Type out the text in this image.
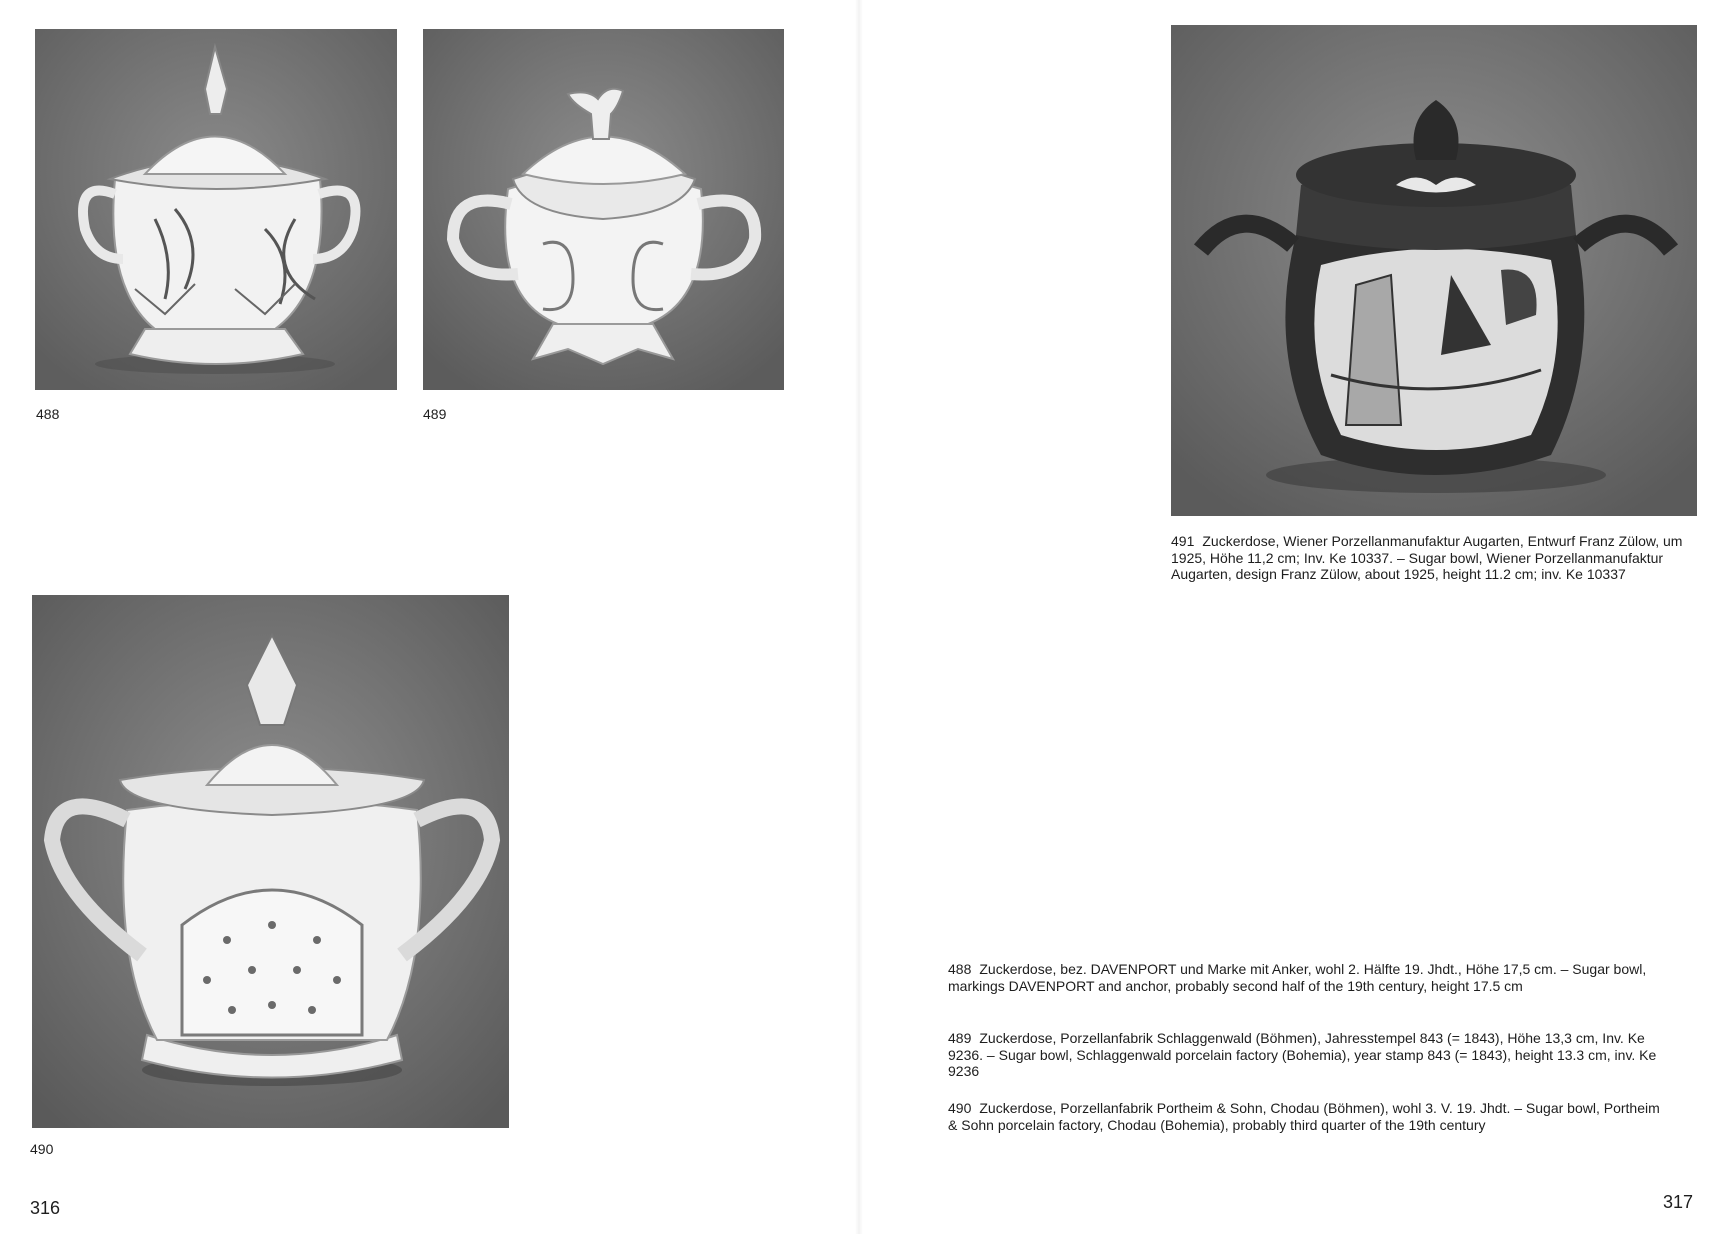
488	489
490
316
491 Zuckerdose, Wiener Porzellanmanufaktur Augarten, Entwurf Franz Zülow, um 1925, Höhe 11,2 cm; Inv. Ke 10337. – Sugar bowl, Wiener Porzellanmanufaktur Augarten, design Franz Zülow, about 1925, height 11.2 cm; inv. Ke 10337
488 Zuckerdose, bez. DAVENPORT und Marke mit Anker, wohl 2. Hälfte 19. Jhdt., Höhe 17,5 cm. – Sugar bowl, markings DAVENPORT and anchor, probably second half of the 19th century, height 17.5 cm
489 Zuckerdose, Porzellanfabrik Schlaggenwald (Böhmen), Jahresstempel 843 (= 1843), Höhe 13,3 cm, Inv. Ke 9236. – Sugar bowl, Schlaggenwald porcelain factory (Bohemia), year stamp 843 (= 1843), height 13.3 cm, inv. Ke 9236
490 Zuckerdose, Porzellanfabrik Portheim & Sohn, Chodau (Böhmen), wohl 3. V. 19. Jhdt. – Sugar bowl, Portheim & Sohn porcelain factory, Chodau (Bohemia), probably third quarter of the 19th century
317
